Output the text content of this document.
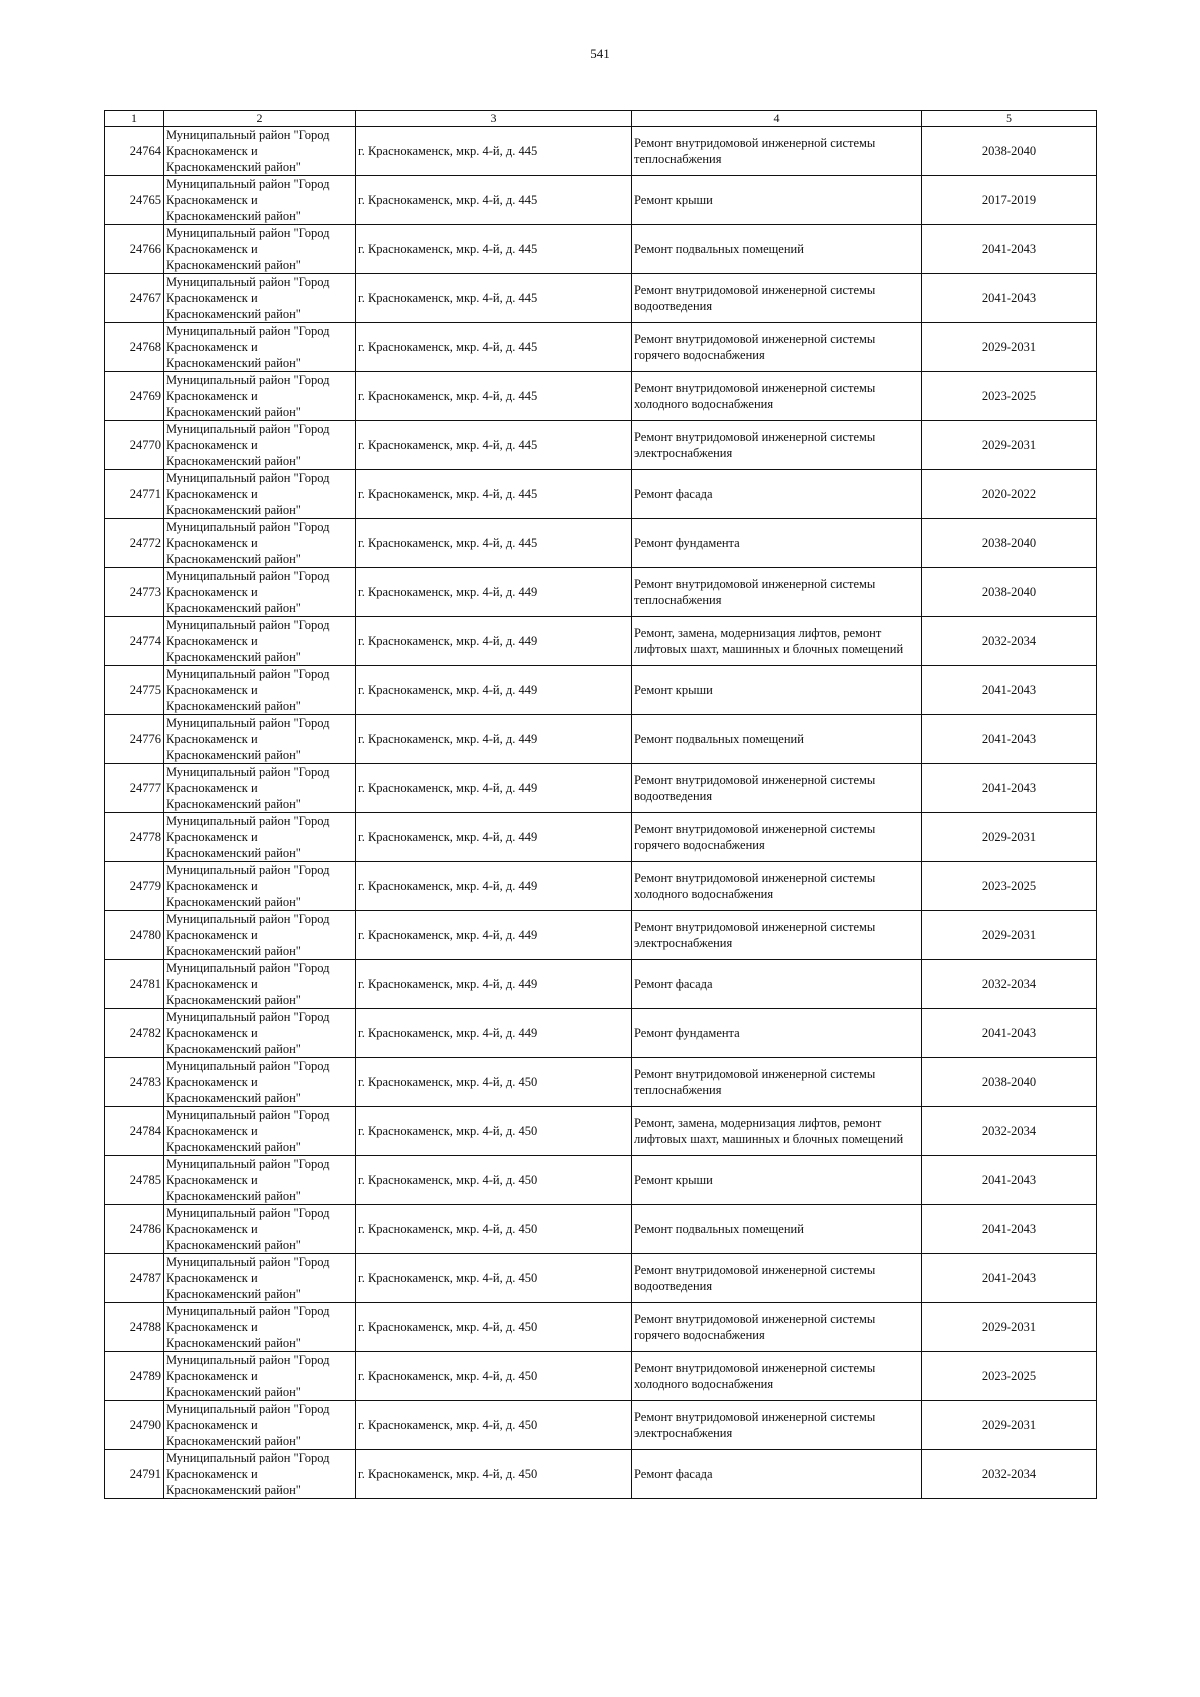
541
1	2	3	4	5
24764	Муниципальный район "Город
Краснокаменск и
Краснокаменский район"	г. Краснокаменск, мкр. 4-й, д. 445	Ремонт внутридомовой инженерной системы
теплоснабжения	2038-2040
24765	Муниципальный район "Город
Краснокаменск и
Краснокаменский район"	г. Краснокаменск, мкр. 4-й, д. 445	Ремонт крыши	2017-2019
24766	Муниципальный район "Город
Краснокаменск и
Краснокаменский район"	г. Краснокаменск, мкр. 4-й, д. 445	Ремонт подвальных помещений	2041-2043
24767	Муниципальный район "Город
Краснокаменск и
Краснокаменский район"	г. Краснокаменск, мкр. 4-й, д. 445	Ремонт внутридомовой инженерной системы
водоотведения	2041-2043
24768	Муниципальный район "Город
Краснокаменск и
Краснокаменский район"	г. Краснокаменск, мкр. 4-й, д. 445	Ремонт внутридомовой инженерной системы
горячего водоснабжения	2029-2031
24769	Муниципальный район "Город
Краснокаменск и
Краснокаменский район"	г. Краснокаменск, мкр. 4-й, д. 445	Ремонт внутридомовой инженерной системы
холодного водоснабжения	2023-2025
24770	Муниципальный район "Город
Краснокаменск и
Краснокаменский район"	г. Краснокаменск, мкр. 4-й, д. 445	Ремонт внутридомовой инженерной системы
электроснабжения	2029-2031
24771	Муниципальный район "Город
Краснокаменск и
Краснокаменский район"	г. Краснокаменск, мкр. 4-й, д. 445	Ремонт фасада	2020-2022
24772	Муниципальный район "Город
Краснокаменск и
Краснокаменский район"	г. Краснокаменск, мкр. 4-й, д. 445	Ремонт фундамента	2038-2040
24773	Муниципальный район "Город
Краснокаменск и
Краснокаменский район"	г. Краснокаменск, мкр. 4-й, д. 449	Ремонт внутридомовой инженерной системы
теплоснабжения	2038-2040
24774	Муниципальный район "Город
Краснокаменск и
Краснокаменский район"	г. Краснокаменск, мкр. 4-й, д. 449	Ремонт, замена, модернизация лифтов, ремонт
лифтовых шахт, машинных и блочных помещений	2032-2034
24775	Муниципальный район "Город
Краснокаменск и
Краснокаменский район"	г. Краснокаменск, мкр. 4-й, д. 449	Ремонт крыши	2041-2043
24776	Муниципальный район "Город
Краснокаменск и
Краснокаменский район"	г. Краснокаменск, мкр. 4-й, д. 449	Ремонт подвальных помещений	2041-2043
24777	Муниципальный район "Город
Краснокаменск и
Краснокаменский район"	г. Краснокаменск, мкр. 4-й, д. 449	Ремонт внутридомовой инженерной системы
водоотведения	2041-2043
24778	Муниципальный район "Город
Краснокаменск и
Краснокаменский район"	г. Краснокаменск, мкр. 4-й, д. 449	Ремонт внутридомовой инженерной системы
горячего водоснабжения	2029-2031
24779	Муниципальный район "Город
Краснокаменск и
Краснокаменский район"	г. Краснокаменск, мкр. 4-й, д. 449	Ремонт внутридомовой инженерной системы
холодного водоснабжения	2023-2025
24780	Муниципальный район "Город
Краснокаменск и
Краснокаменский район"	г. Краснокаменск, мкр. 4-й, д. 449	Ремонт внутридомовой инженерной системы
электроснабжения	2029-2031
24781	Муниципальный район "Город
Краснокаменск и
Краснокаменский район"	г. Краснокаменск, мкр. 4-й, д. 449	Ремонт фасада	2032-2034
24782	Муниципальный район "Город
Краснокаменск и
Краснокаменский район"	г. Краснокаменск, мкр. 4-й, д. 449	Ремонт фундамента	2041-2043
24783	Муниципальный район "Город
Краснокаменск и
Краснокаменский район"	г. Краснокаменск, мкр. 4-й, д. 450	Ремонт внутридомовой инженерной системы
теплоснабжения	2038-2040
24784	Муниципальный район "Город
Краснокаменск и
Краснокаменский район"	г. Краснокаменск, мкр. 4-й, д. 450	Ремонт, замена, модернизация лифтов, ремонт
лифтовых шахт, машинных и блочных помещений	2032-2034
24785	Муниципальный район "Город
Краснокаменск и
Краснокаменский район"	г. Краснокаменск, мкр. 4-й, д. 450	Ремонт крыши	2041-2043
24786	Муниципальный район "Город
Краснокаменск и
Краснокаменский район"	г. Краснокаменск, мкр. 4-й, д. 450	Ремонт подвальных помещений	2041-2043
24787	Муниципальный район "Город
Краснокаменск и
Краснокаменский район"	г. Краснокаменск, мкр. 4-й, д. 450	Ремонт внутридомовой инженерной системы
водоотведения	2041-2043
24788	Муниципальный район "Город
Краснокаменск и
Краснокаменский район"	г. Краснокаменск, мкр. 4-й, д. 450	Ремонт внутридомовой инженерной системы
горячего водоснабжения	2029-2031
24789	Муниципальный район "Город
Краснокаменск и
Краснокаменский район"	г. Краснокаменск, мкр. 4-й, д. 450	Ремонт внутридомовой инженерной системы
холодного водоснабжения	2023-2025
24790	Муниципальный район "Город
Краснокаменск и
Краснокаменский район"	г. Краснокаменск, мкр. 4-й, д. 450	Ремонт внутридомовой инженерной системы
электроснабжения	2029-2031
24791	Муниципальный район "Город
Краснокаменск и
Краснокаменский район"	г. Краснокаменск, мкр. 4-й, д. 450	Ремонт фасада	2032-2034
